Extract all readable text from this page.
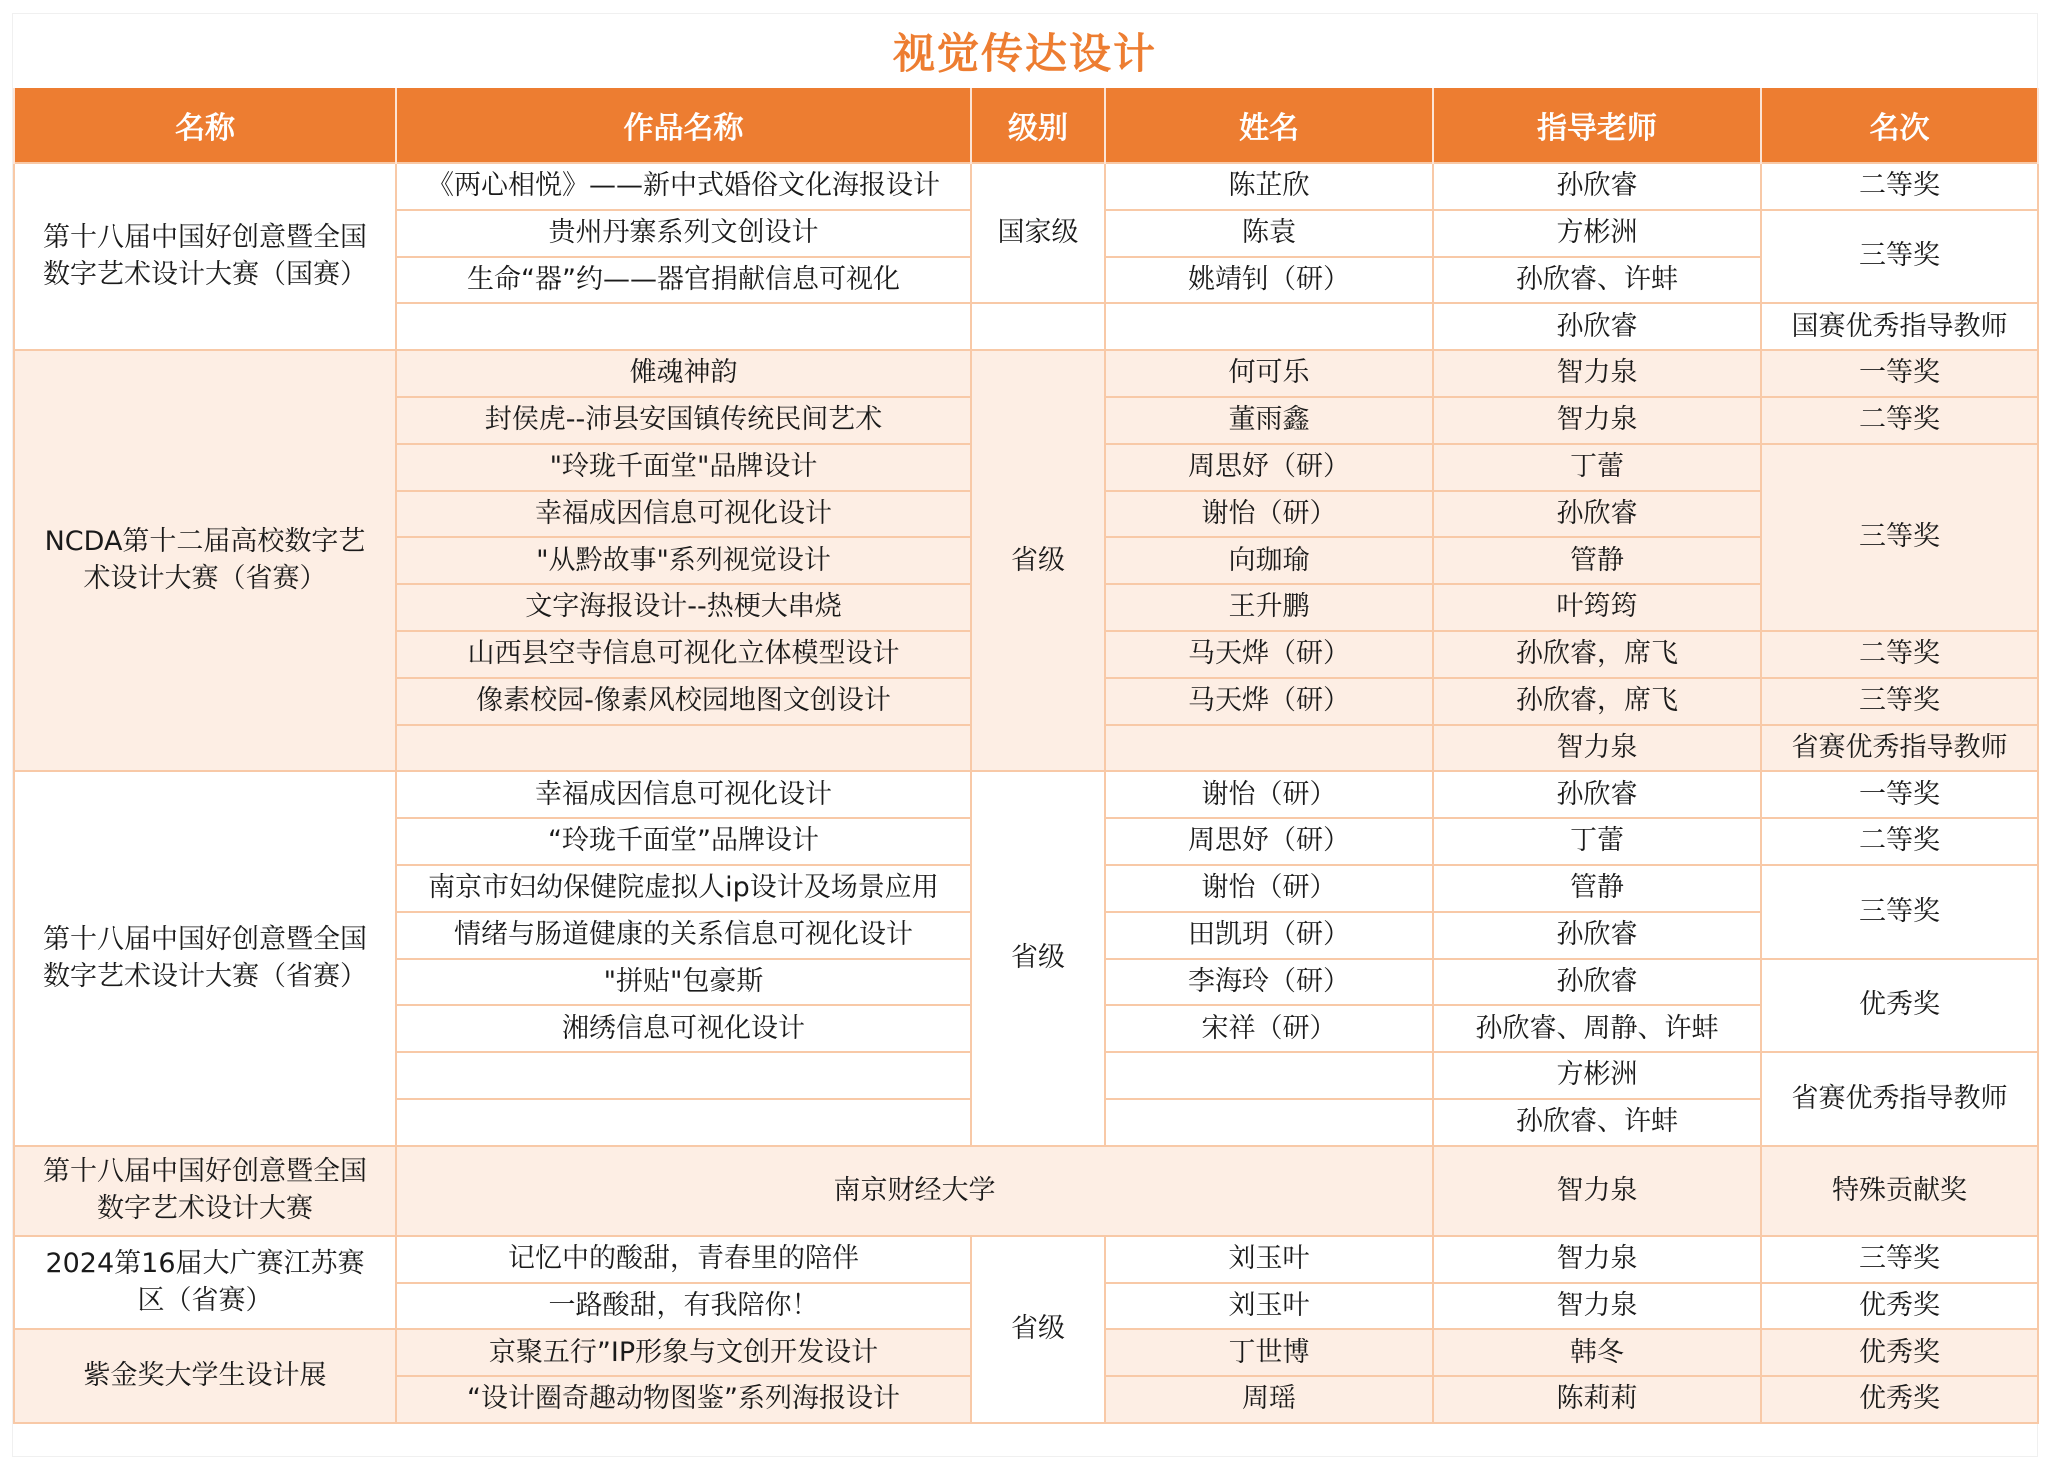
视觉传达设计
名称	作品名称	级别	姓名	指导老师	名次
第十八届中国好创意暨全国数字艺术设计大赛（国赛）	《两心相悦》——新中式婚俗文化海报设计	国家级	陈芷欣	孙欣睿	二等奖
	贵州丹寨系列文创设计		陈袁	方彬洲	三等奖
	生命“器”约——器官捐献信息可视化		姚靖钊（研）	孙欣睿、许蚌	
				孙欣睿	国赛优秀指导教师
NCDA第十二届高校数字艺术设计大赛（省赛）	傩魂神韵	省级	何可乐	智力泉	一等奖
	封侯虎--沛县安国镇传统民间艺术		董雨鑫	智力泉	二等奖
	"玲珑千面堂"品牌设计		周思妤（研）	丁蕾	三等奖
	幸福成因信息可视化设计		谢怡（研）	孙欣睿	
	"从黔故事"系列视觉设计		向珈瑜	管静	
	文字海报设计--热梗大串烧		王升鹏	叶筠筠	
	山西县空寺信息可视化立体模型设计		马天烨（研）	孙欣睿，席飞	二等奖
	像素校园-像素风校园地图文创设计		马天烨（研）	孙欣睿，席飞	三等奖
				智力泉	省赛优秀指导教师
第十八届中国好创意暨全国数字艺术设计大赛（省赛）	幸福成因信息可视化设计	省级	谢怡（研）	孙欣睿	一等奖
	“玲珑千面堂”品牌设计		周思妤（研）	丁蕾	二等奖
	南京市妇幼保健院虚拟人ip设计及场景应用		谢怡（研）	管静	三等奖
	情绪与肠道健康的关系信息可视化设计		田凯玥（研）	孙欣睿	
	"拼贴"包豪斯		李海玲（研）	孙欣睿	优秀奖
	湘绣信息可视化设计		宋祥（研）	孙欣睿、周静、许蚌	
				方彬洲	省赛优秀指导教师
				孙欣睿、许蚌	
第十八届中国好创意暨全国数字艺术设计大赛	南京财经大学			智力泉	特殊贡献奖
2024第16届大广赛江苏赛区（省赛）	记忆中的酸甜，青春里的陪伴	省级	刘玉叶	智力泉	三等奖
	一路酸甜，有我陪你！		刘玉叶	智力泉	优秀奖
紫金奖大学生设计展	京聚五行”IP形象与文创开发设计		丁世博	韩冬	优秀奖
	“设计圈奇趣动物图鉴”系列海报设计		周瑶	陈莉莉	优秀奖
